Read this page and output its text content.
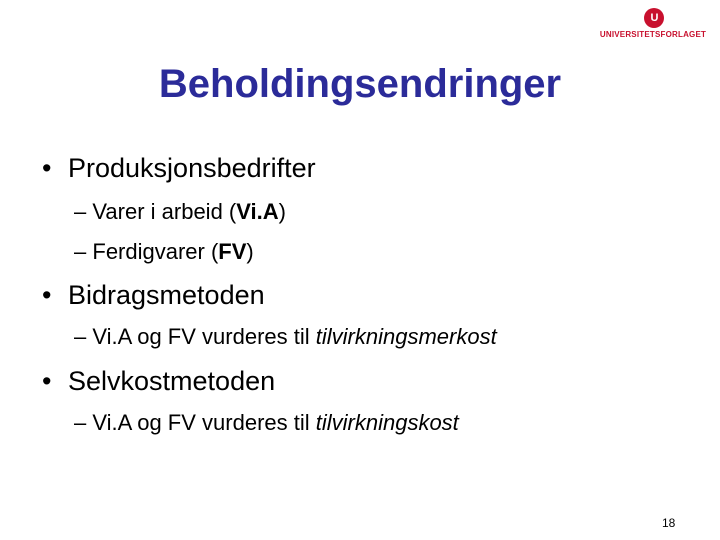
U
UNIVERSITETSFORLAGET
Beholdingsendringer
• Produksjonsbedrifter
– Varer i arbeid (Vi.A)
– Ferdigvarer (FV)
• Bidragsmetoden
– Vi.A og FV vurderes til tilvirkningsmerkost
• Selvkostmetoden
– Vi.A og FV vurderes til tilvirkningskost
18
